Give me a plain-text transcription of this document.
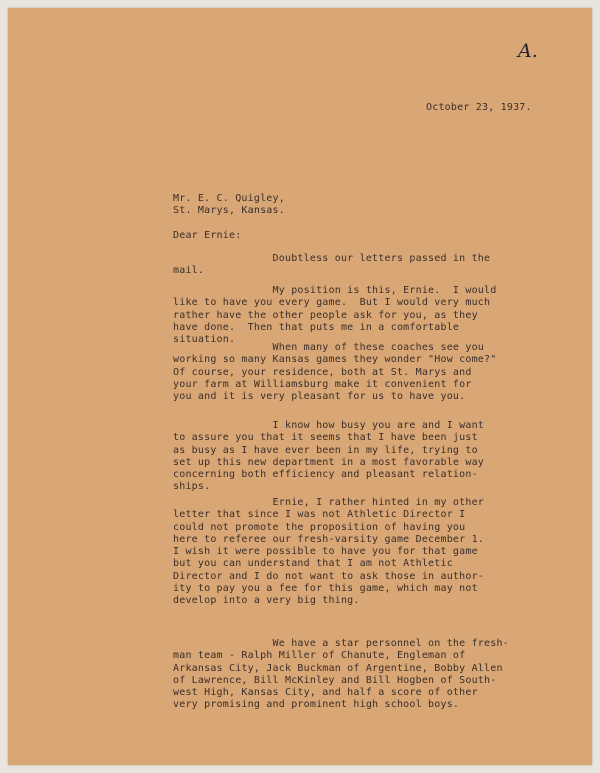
A.

October 23, 1937.

Mr. E. C. Quigley,
St. Marys, Kansas.

Dear Ernie:

Doubtless our letters passed in the
mail.

My position is this, Ernie.  I would
like to have you every game.  But I would very much
rather have the other people ask for you, as they
have done.  Then that puts me in a comfortable
situation.

When many of these coaches see you
working so many Kansas games they wonder "How come?"
Of course, your residence, both at St. Marys and
your farm at Williamsburg make it convenient for
you and it is very pleasant for us to have you.

I know how busy you are and I want
to assure you that it seems that I have been just
as busy as I have ever been in my life, trying to
set up this new department in a most favorable way
concerning both efficiency and pleasant relation-
ships.

Ernie, I rather hinted in my other
letter that since I was not Athletic Director I
could not promote the proposition of having you
here to referee our fresh-varsity game December 1.
I wish it were possible to have you for that game
but you can understand that I am not Athletic
Director and I do not want to ask those in author-
ity to pay you a fee for this game, which may not
develop into a very big thing.

We have a star personnel on the fresh-
man team - Ralph Miller of Chanute, Engleman of
Arkansas City, Jack Buckman of Argentine, Bobby Allen
of Lawrence, Bill McKinley and Bill Hogben of South-
west High, Kansas City, and half a score of other
very promising and prominent high school boys.
